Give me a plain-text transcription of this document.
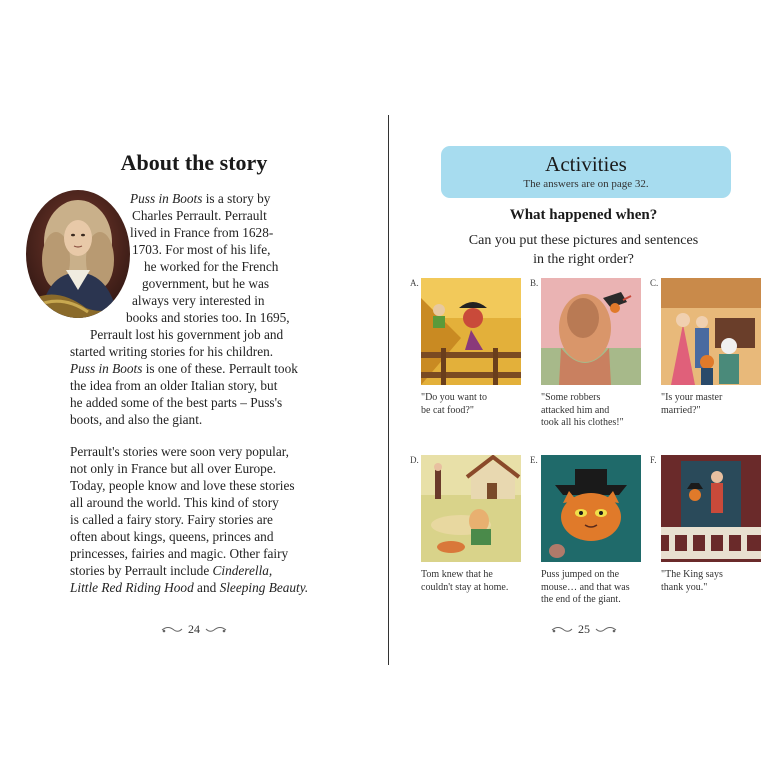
About the story
Puss in Boots is a story by
Charles Perrault. Perrault
lived in France from 1628-
1703. For most of his life,
he worked for the French
government, but he was
always very interested in
books and stories too. In 1695,
Perrault lost his government job and
started writing stories for his children.
Puss in Boots is one of these. Perrault took
the idea from an older Italian story, but
he added some of the best parts – Puss's
boots, and also the giant.
Perrault's stories were soon very popular,
not only in France but all over Europe.
Today, people know and love these stories
all around the world. This kind of story
is called a fairy story. Fairy stories are
often about kings, queens, princes and
princesses, fairies and magic. Other fairy
stories by Perrault include Cinderella,
Little Red Riding Hood and Sleeping Beauty.
24
Activities
The answers are on page 32.
What happened when?
Can you put these pictures and sentences
in the right order?
A.
"Do you want to
be cat food?"
B.
"Some robbers
attacked him and
took all his clothes!"
C.
"Is your master
married?"
D.
Tom knew that he
couldn't stay at home.
E.
Puss jumped on the
mouse… and that was
the end of the giant.
F.
"The King says
thank you."
25
